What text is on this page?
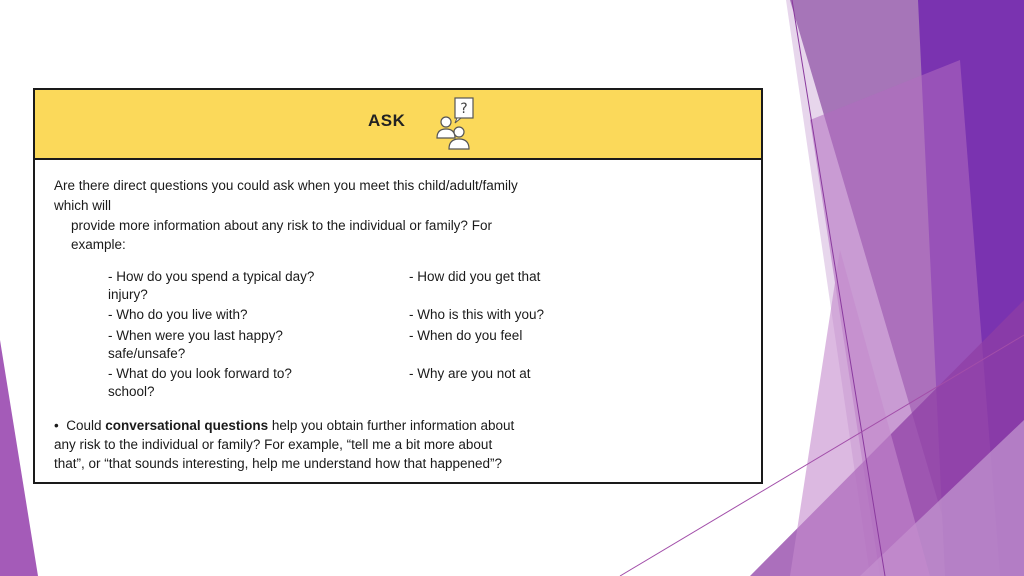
ASK
?
Are there direct questions you could ask when you meet this child/adult/family
which will
provide more information about any risk to the individual or family? For
example:
- How do you spend a typical day?
injury?
- Who do you live with?
- When were you last happy?
safe/unsafe?
- What do you look forward to?
school?
- How did you get that
- Who is this with you?
- When do you feel
- Why are you not at
• Could conversational questions help you obtain further information about
any risk to the individual or family? For example, “tell me a bit more about
that”, or “that sounds interesting, help me understand how that happened”?
